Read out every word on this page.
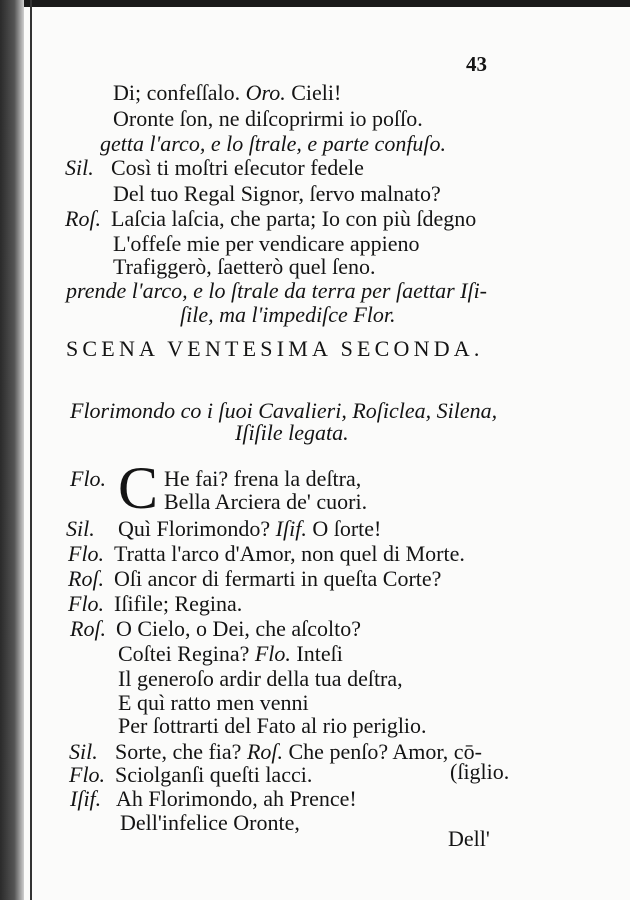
43
Di; confeſſalo. Oro. Cieli!
Oronte ſon, ne diſcoprirmi io poſſo.
getta l'arco, e lo ſtrale, e parte confuſo.
Sil. Così ti moſtri eſecutor fedele
Del tuo Regal Signor, ſervo malnato?
Roſ. Laſcia laſcia, che parta; Io con più ſdegno
L'offeſe mie per vendicare appieno
Trafiggerò, ſaetterò quel ſeno.
prende l'arco, e lo ſtrale da terra per ſaettar Iſi-
ſile, ma l'impediſce Flor.
SCENA VENTESIMA SECONDA.
Florimondo co i ſuoi Cavalieri, Roſiclea, Silena,
Iſiſile legata.
C
Flo.	He fai? frena la deſtra,
Bella Arciera de' cuori.
Sil. Quì Florimondo? Iſif. O ſorte!
Flo. Tratta l'arco d'Amor, non quel di Morte.
Roſ. Oſi ancor di fermarti in queſta Corte?
Flo. Iſifile; Regina.
Roſ. O Cielo, o Dei, che aſcolto?
Coſtei Regina? Flo. Inteſi
Il generoſo ardir della tua deſtra,
E quì ratto men venni
Per ſottrarti del Fato al rio periglio.
Sil. Sorte, che fia? Roſ. Che penſo? Amor, cō-
Flo. Sciolganſi queſti lacci.	(ſiglio.
Iſif. Ah Florimondo, ah Prence!
Dell'infelice Oronte,
Dell'
